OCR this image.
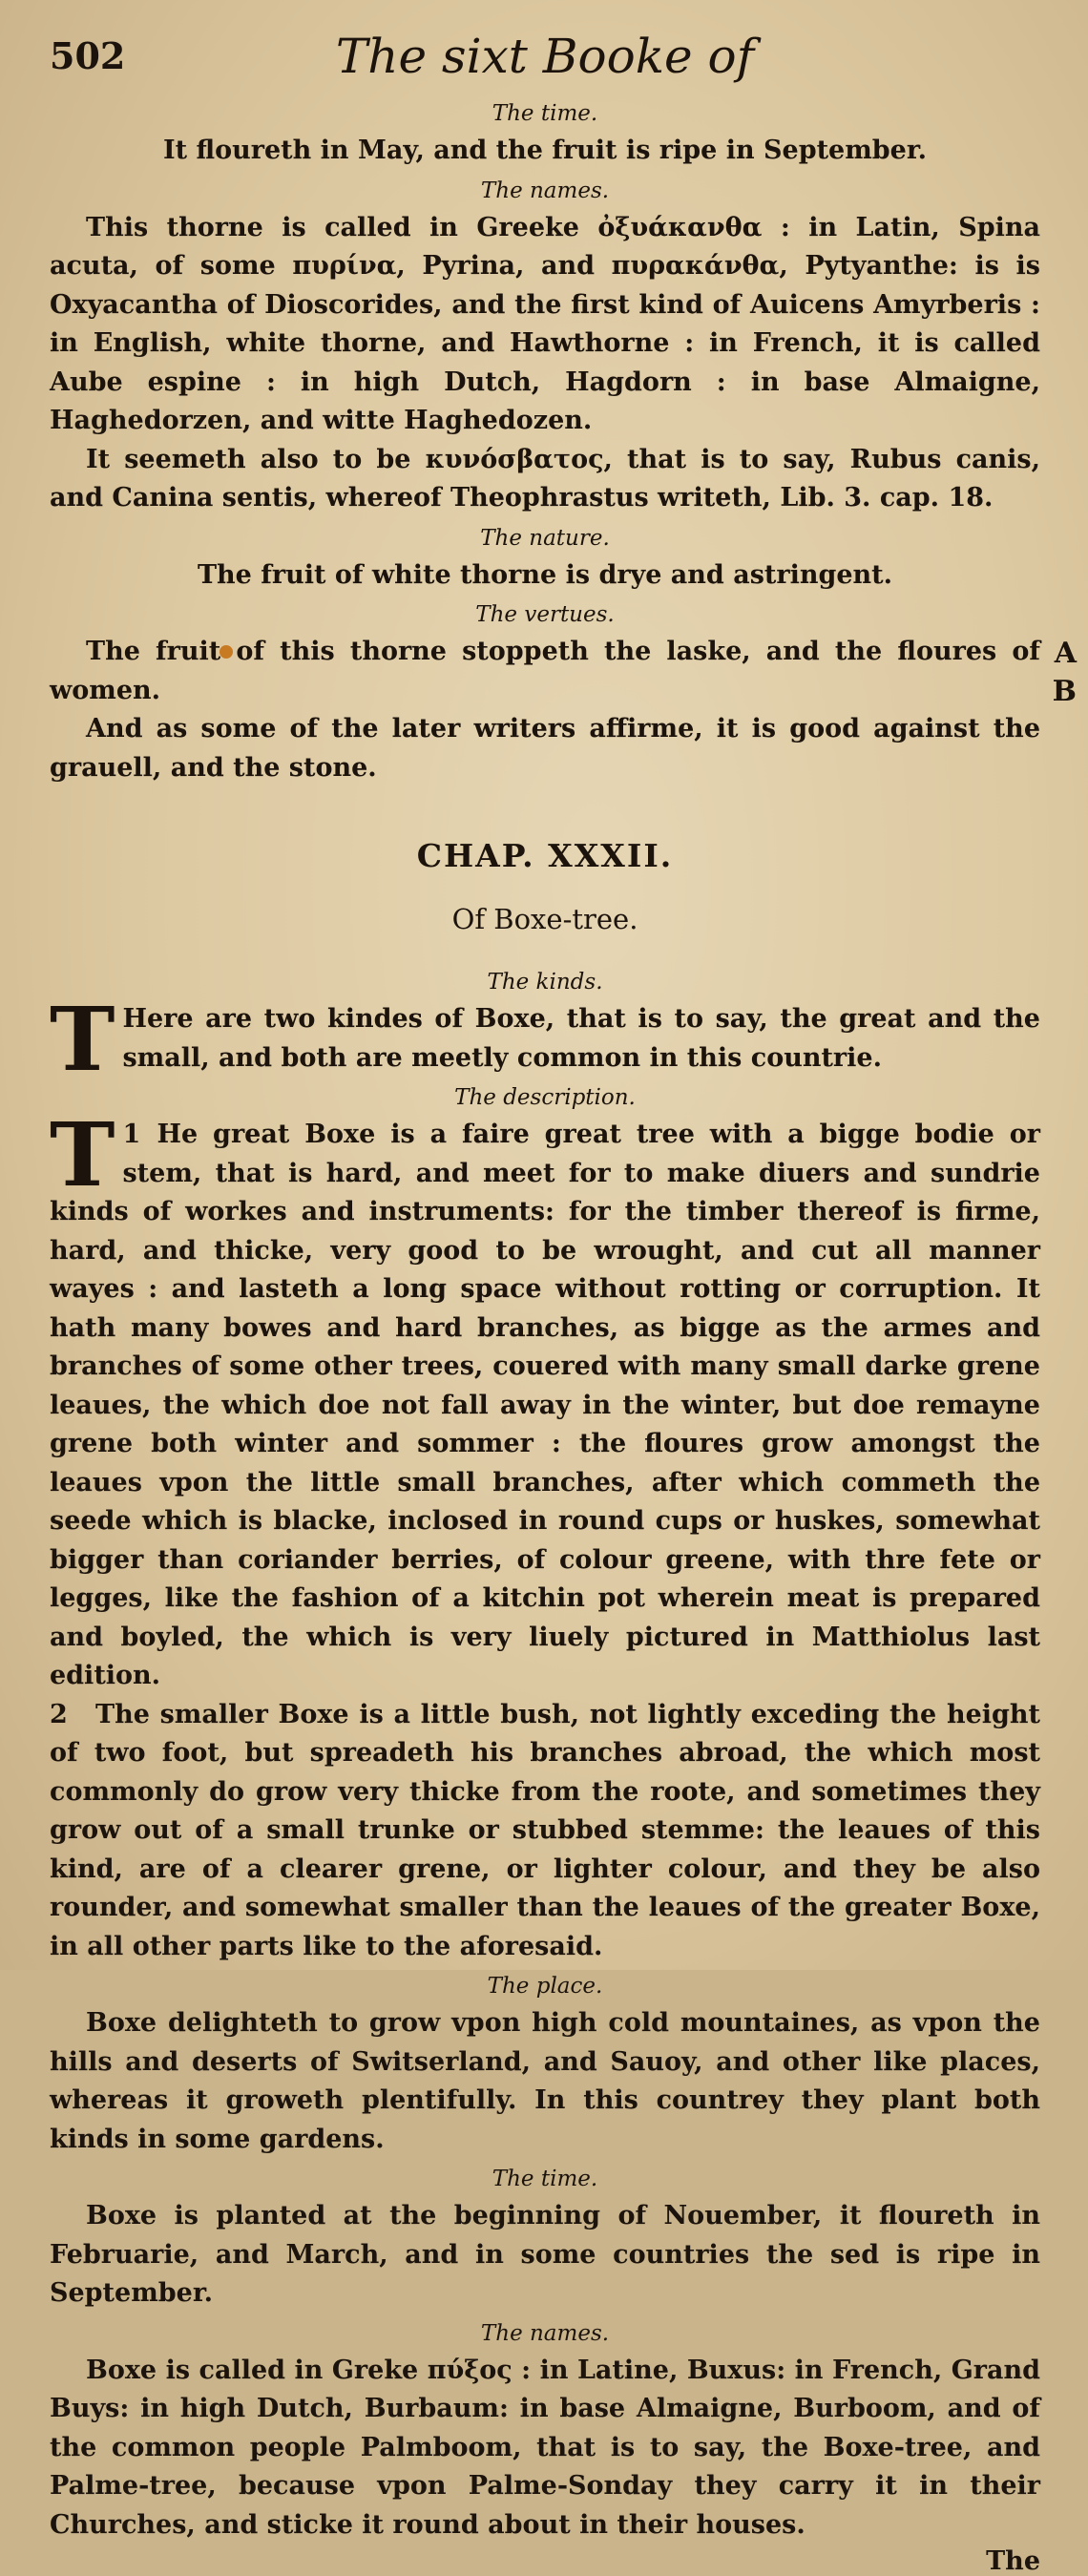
502	The sixt Booke of
The time.

It floureth in May, and the fruit is ripe in September.

The names.

This thorne is called in Greeke ὀξυάκανθα : in Latin, Spina acuta, of some πυρίνα, Pyrina, and πυρακάνθα, Pytyanthe: is is Oxyacantha of Dioscorides, and the first kind of Auicens Amyrberis : in English, white thorne, and Hawthorne : in French, it is called Aube espine : in high Dutch, Hagdorn : in base Almaigne, Haghedorzen, and witte Haghedozen.

It seemeth also to be κυνόσβατος, that is to say, Rubus canis, and Canina sentis, whereof Theophrastus writeth, Lib. 3. cap. 18.

The nature.

The fruit of white thorne is drye and astringent.

The vertues.
A
B

The fruit of this thorne stoppeth the laske, and the floures of women.

And as some of the later writers affirme, it is good against the grauell, and the stone.

CHAP. XXXII.
Of Boxe-tree.
The kinds.

T Here are two kindes of Boxe, that is to say, the great and the small, and both are meetly common in this countrie.

The description.

1
T He great Boxe is a faire great tree with a bigge bodie or stem, that is hard, and meet for to make diuers and sundrie kinds of workes and instruments: for the timber thereof is firme, hard, and thicke, very good to be wrought, and cut all manner wayes : and lasteth a long space without rotting or corruption. It hath many bowes and hard branches, as bigge as the armes and branches of some other trees, couered with many small darke grene leaues, the which doe not fall away in the winter, but doe remayne grene both winter and sommer : the floures grow amongst the leaues vpon the little small branches, after which commeth the seede which is blacke, inclosed in round cups or huskes, somewhat bigger than coriander berries, of colour greene, with thre fete or legges, like the fashion of a kitchin pot wherein meat is prepared and boyled, the which is very liuely pictured in Matthiolus last edition.

2 The smaller Boxe is a little bush, not lightly exceding the height of two foot, but spreadeth his branches abroad, the which most commonly do grow very thicke from the roote, and sometimes they grow out of a small trunke or stubbed stemme: the leaues of this kind, are of a clearer grene, or lighter colour, and they be also rounder, and somewhat smaller than the leaues of the greater Boxe, in all other parts like to the aforesaid.

The place.

Boxe delighteth to grow vpon high cold mountaines, as vpon the hills and deserts of Switserland, and Sauoy, and other like places, whereas it groweth plentifully. In this countrey they plant both kinds in some gardens.

The time.

Boxe is planted at the beginning of Nouember, it floureth in Februarie, and March, and in some countries the sed is ripe in September.

The names.

Boxe is called in Greke πύξος : in Latine, Buxus: in French, Grand Buys: in high Dutch, Burbaum: in base Almaigne, Burboom, and of the common people Palmboom, that is to say, the Boxe-tree, and Palme-tree, because vpon Palme-Sonday they carry it in their Churches, and sticke it round about in their houses.

The
